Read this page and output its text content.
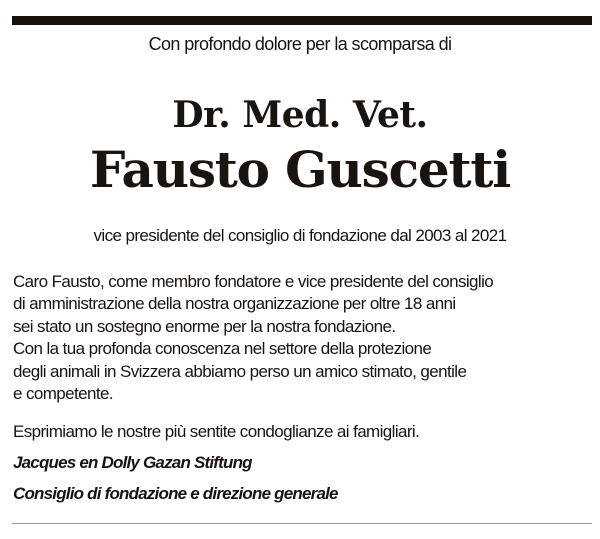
Con profondo dolore per la scomparsa di
Dr. Med. Vet.
Fausto Guscetti
vice presidente del consiglio di fondazione dal 2003 al 2021

Caro Fausto, come membro fondatore e vice presidente del consiglio

di amministrazione della nostra organizzazione per oltre 18 anni

sei stato un sostegno enorme per la nostra fondazione.

Con la tua profonda conoscenza nel settore della protezione

degli animali in Svizzera abbiamo perso un amico stimato, gentile

e competente.

Esprimiamo le nostre più sentite condoglianze ai famigliari.
Jacques en Dolly Gazan Stiftung
Consiglio di fondazione e direzione generale
